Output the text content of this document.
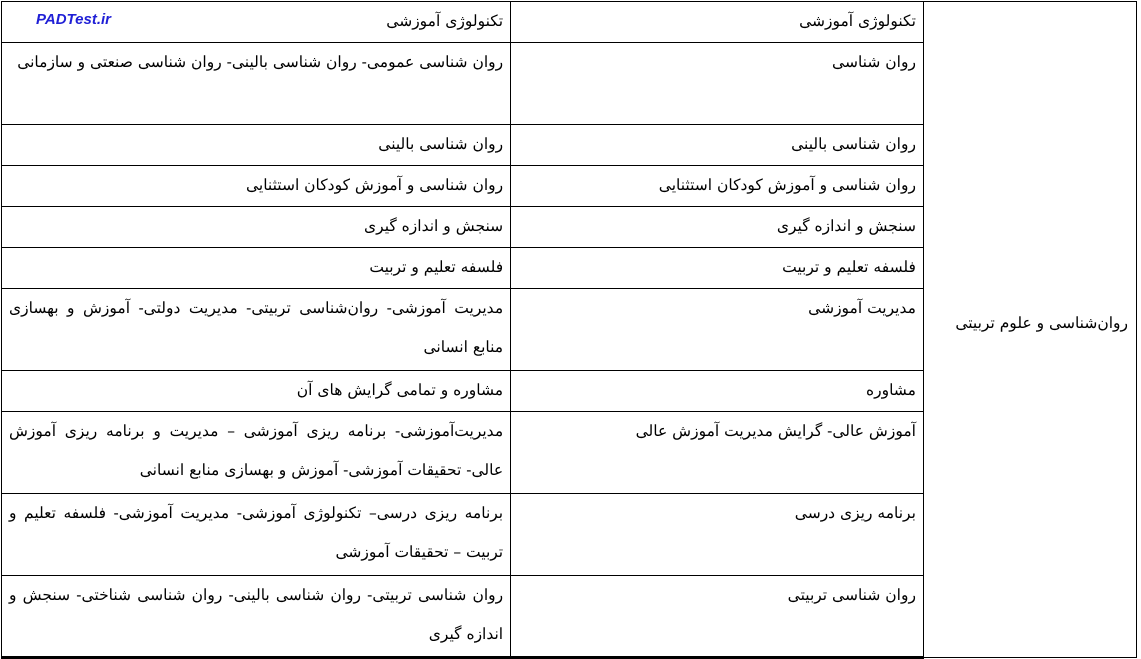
روان‌شناسی و علوم تربیتی	تکنولوژی آموزشی	تکنولوژی آموزشی
PADTest.ir

	روان شناسی	روان شناسی عمومی- روان شناسی بالینی- روان شناسی صنعتی و سازمانی
	روان شناسی بالینی	روان شناسی بالینی
	روان شناسی و آموزش کودکان استثنایی	روان شناسی و آموزش کودکان استثنایی
	سنجش و اندازه گیری	سنجش و اندازه گیری
	فلسفه تعلیم و تربیت	فلسفه تعلیم و تربیت
	مدیریت آموزشی	مدیریت آموزشی- روان‌شناسی تربیتی- مدیریت دولتی- آموزش و بهسازی منابع انسانی
	مشاوره	مشاوره و تمامی گرایش های آن
	آموزش عالی- گرایش مدیریت آموزش عالی	مدیریت‌آموزشی- برنامه ریزی آموزشی – مدیریت و برنامه ریزی آموزش عالی- تحقیقات آموزشی- آموزش و بهسازی منابع انسانی
	برنامه ریزی درسی	برنامه ریزی درسی– تکنولوژی آموزشی- مدیریت آموزشی- فلسفه تعلیم و تربیت – تحقیقات آموزشی
	روان شناسی تربیتی	روان شناسی تربیتی- روان شناسی بالینی- روان شناسی شناختی- سنجش و اندازه گیری
